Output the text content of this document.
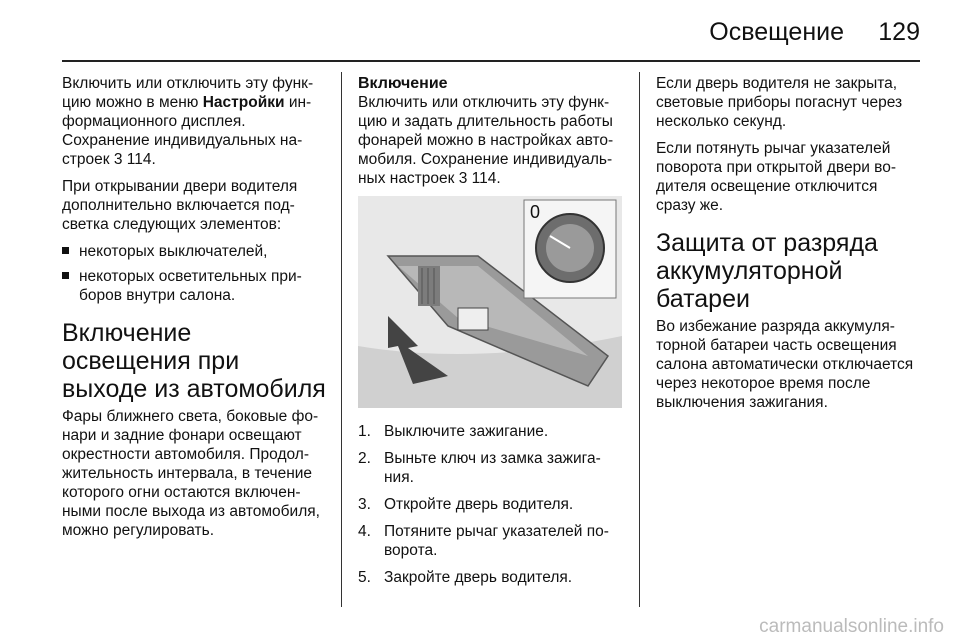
Освещение 129

Включить или отключить эту функцию можно в меню Настройки информационного дисплея.
Сохранение индивидуальных настроек 3 114.

При открывании двери водителя дополнительно включается подсветка следующих элементов:

некоторых выключателей,
некоторых осветительных приборов внутри салона.
Включение освещения при выходе из автомобиля

Фары ближнего света, боковые фонари и задние фонари освещают окрестности автомобиля. Продолжительность интервала, в течение которого огни остаются включенными после выхода из автомобиля, можно регулировать.

Включение

Включить или отключить эту функцию и задать длительность работы фонарей можно в настройках автомобиля. Сохранение индивидуальных настроек 3 114.

0
1. Выключите зажигание.
2. Выньте ключ из замка зажигания.
3. Откройте дверь водителя.
4. Потяните рычаг указателей поворота.
5. Закройте дверь водителя.

Если дверь водителя не закрыта, световые приборы погаснут через несколько секунд.

Если потянуть рычаг указателей поворота при открытой двери водителя освещение отключится сразу же.

Защита от разряда аккумуляторной батареи

Во избежание разряда аккумуляторной батареи часть освещения салона автоматически отключается через некоторое время после выключения зажигания.

carmanualsonline.info
